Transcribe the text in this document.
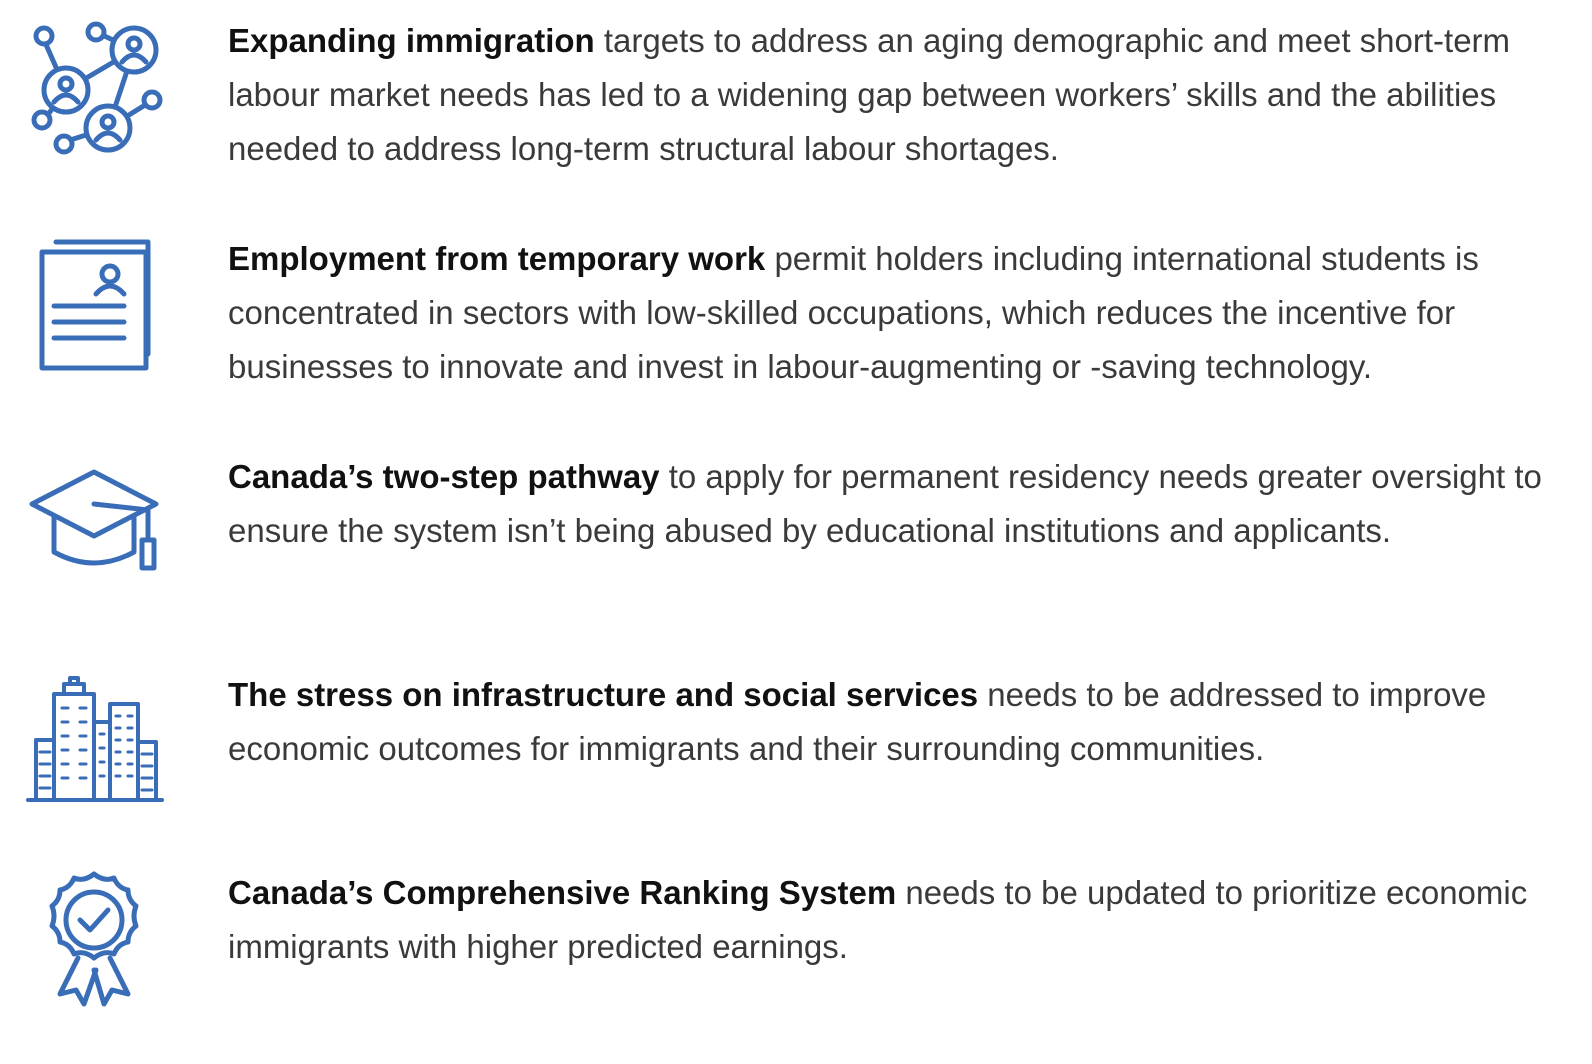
Expanding immigration targets to address an aging demographic and meet short-term labour market needs has led to a widening gap between workers’ skills and the abilities needed to address long-term structural labour shortages.

Employment from temporary work permit holders including international students is concentrated in sectors with low-skilled occupations, which reduces the incentive for businesses to innovate and invest in labour-augmenting or -saving technology.

Canada’s two-step pathway to apply for permanent residency needs greater oversight to ensure the system isn’t being abused by educational institutions and applicants.

The stress on infrastructure and social services needs to be addressed to improve economic outcomes for immigrants and their surrounding communities.

Canada’s Comprehensive Ranking System needs to be updated to prioritize economic immigrants with higher predicted earnings.
